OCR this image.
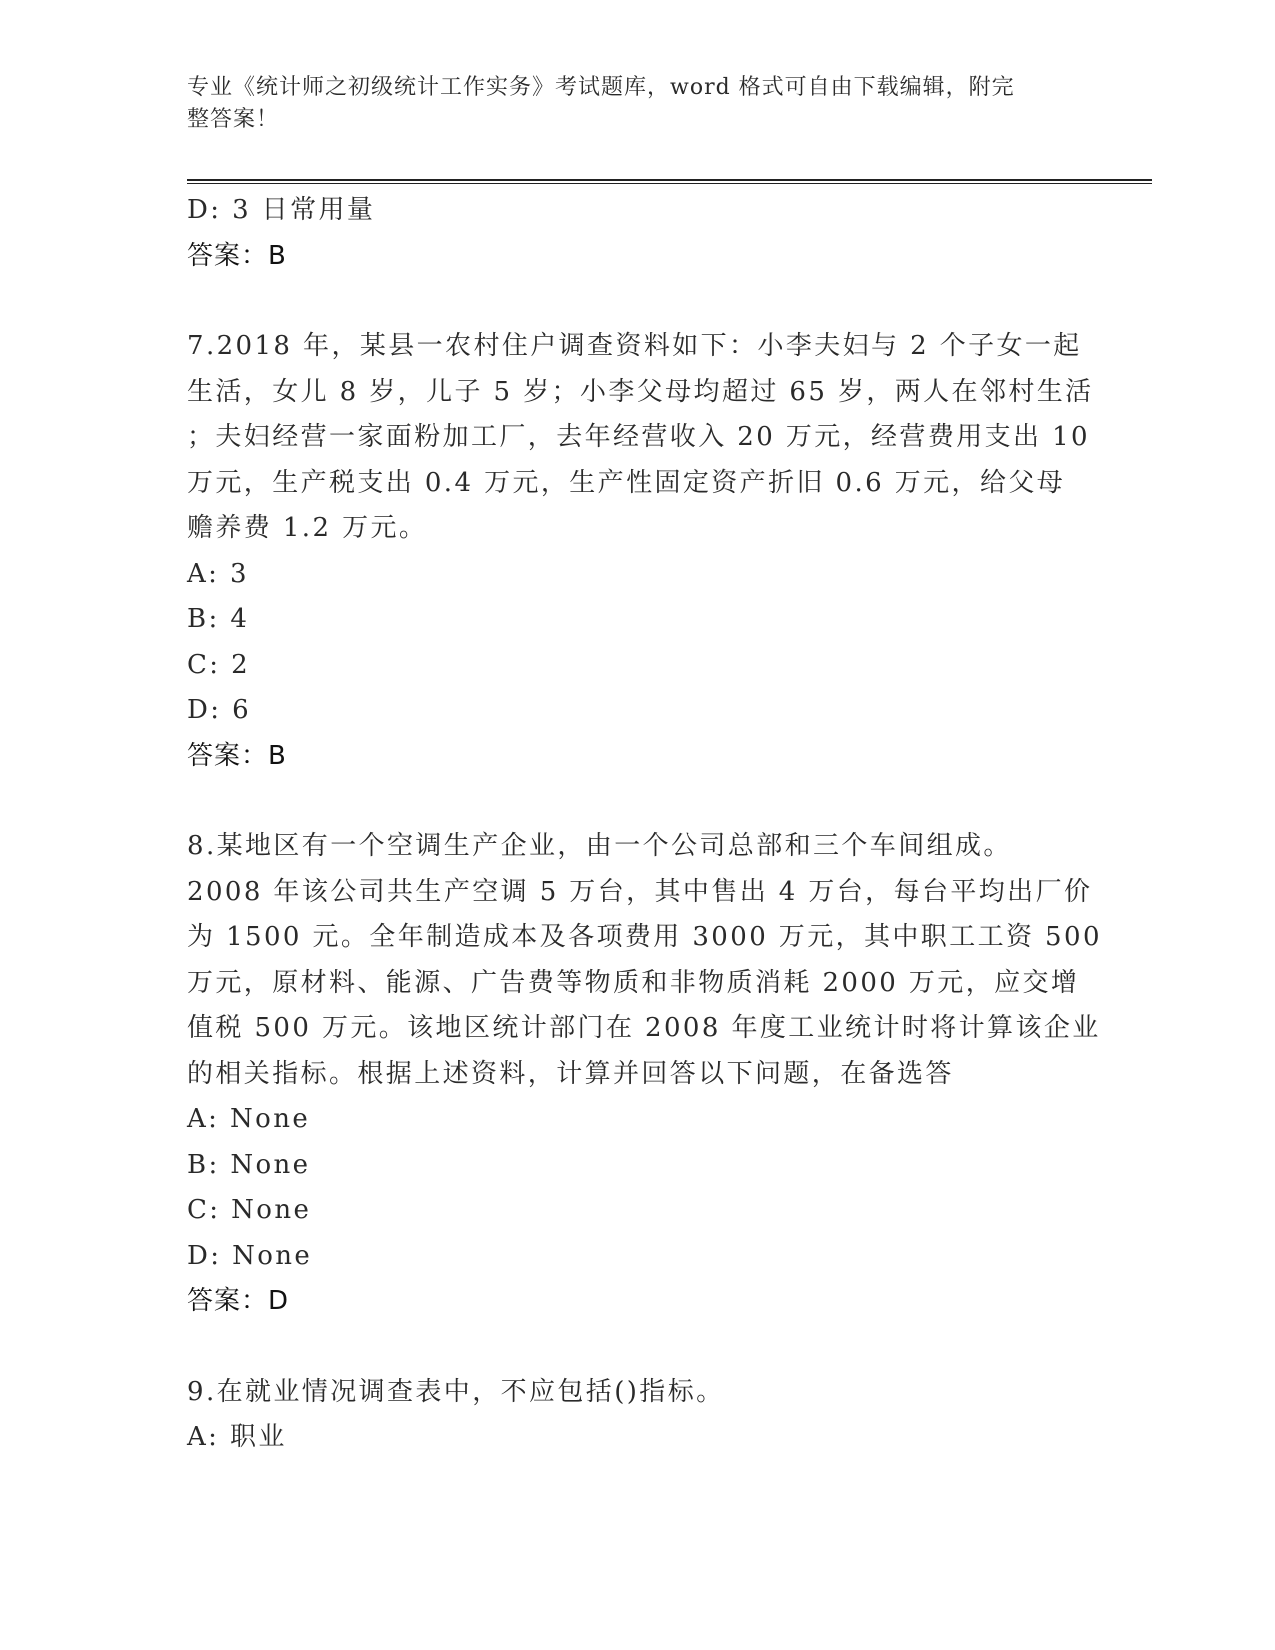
专业《统计师之初级统计工作实务》考试题库，word 格式可自由下载编辑，附完
整答案！
D: 3 日常用量
答案：B
7.2018 年，某县一农村住户调查资料如下：小李夫妇与 2 个子女一起
生活，女儿 8 岁，儿子 5 岁；小李父母均超过 65 岁，两人在邻村生活
；夫妇经营一家面粉加工厂，去年经营收入 20 万元，经营费用支出 10
万元，生产税支出 0.4 万元，生产性固定资产折旧 0.6 万元，给父母
赡养费 1.2 万元。
A: 3
B: 4
C: 2
D: 6
答案：B
8.某地区有一个空调生产企业，由一个公司总部和三个车间组成。
2008 年该公司共生产空调 5 万台，其中售出 4 万台，每台平均出厂价
为 1500 元。全年制造成本及各项费用 3000 万元，其中职工工资 500
万元，原材料、能源、广告费等物质和非物质消耗 2000 万元，应交增
值税 500 万元。该地区统计部门在 2008 年度工业统计时将计算该企业
的相关指标。根据上述资料，计算并回答以下问题，在备选答
A: None
B: None
C: None
D: None
答案：D
9.在就业情况调查表中，不应包括()指标。
A: 职业
